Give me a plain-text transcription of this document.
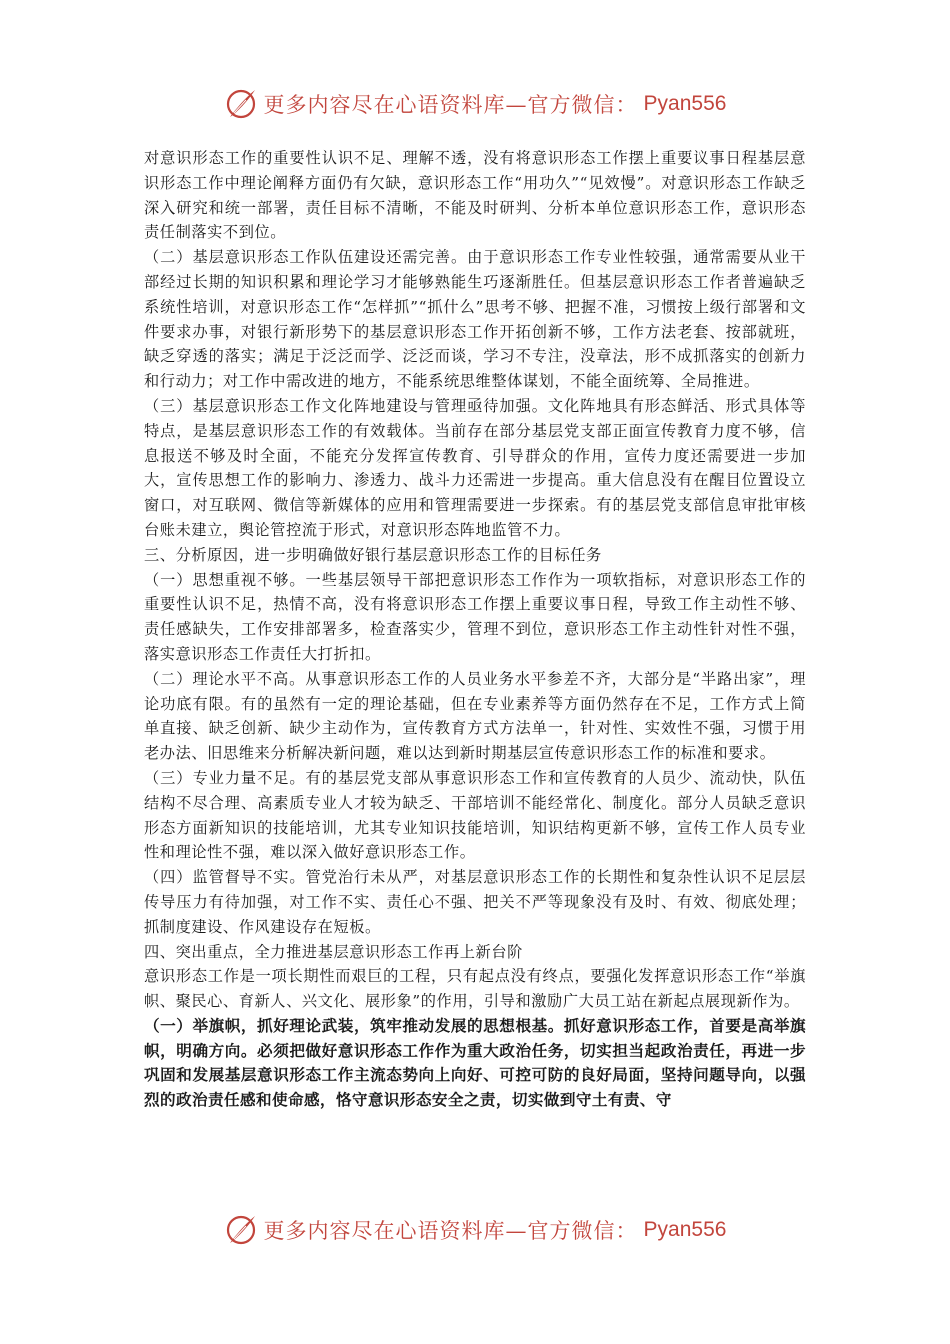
更多内容尽在心语资料库—官方微信： Pyan556

对意识形态工作的重要性认识不足、理解不透，没有将意识形态工作摆上重要议事日程基层意识形态工作中理论阐释方面仍有欠缺，意识形态工作“用功久”“见效慢”。对意识形态工作缺乏深入研究和统一部署，责任目标不清晰，不能及时研判、分析本单位意识形态工作，意识形态责任制落实不到位。

（二）基层意识形态工作队伍建设还需完善。由于意识形态工作专业性较强，通常需要从业干部经过长期的知识积累和理论学习才能够熟能生巧逐渐胜任。但基层意识形态工作者普遍缺乏系统性培训，对意识形态工作“怎样抓”“抓什么”思考不够、把握不准，习惯按上级行部署和文件要求办事，对银行新形势下的基层意识形态工作开拓创新不够，工作方法老套、按部就班，缺乏穿透的落实；满足于泛泛而学、泛泛而谈，学习不专注，没章法，形不成抓落实的创新力和行动力；对工作中需改进的地方，不能系统思维整体谋划，不能全面统筹、全局推进。

（三）基层意识形态工作文化阵地建设与管理亟待加强。文化阵地具有形态鲜活、形式具体等特点，是基层意识形态工作的有效载体。当前存在部分基层党支部正面宣传教育力度不够，信息报送不够及时全面，不能充分发挥宣传教育、引导群众的作用，宣传力度还需要进一步加大，宣传思想工作的影响力、渗透力、战斗力还需进一步提高。重大信息没有在醒目位置设立窗口，对互联网、微信等新媒体的应用和管理需要进一步探索。有的基层党支部信息审批审核台账未建立，舆论管控流于形式，对意识形态阵地监管不力。

三、分析原因，进一步明确做好银行基层意识形态工作的目标任务

（一）思想重视不够。一些基层领导干部把意识形态工作作为一项软指标，对意识形态工作的重要性认识不足，热情不高，没有将意识形态工作摆上重要议事日程，导致工作主动性不够、责任感缺失，工作安排部署多，检查落实少，管理不到位，意识形态工作主动性针对性不强，落实意识形态工作责任大打折扣。

（二）理论水平不高。从事意识形态工作的人员业务水平参差不齐，大部分是“半路出家”，理论功底有限。有的虽然有一定的理论基础，但在专业素养等方面仍然存在不足，工作方式上简单直接、缺乏创新、缺少主动作为，宣传教育方式方法单一，针对性、实效性不强，习惯于用老办法、旧思维来分析解决新问题，难以达到新时期基层宣传意识形态工作的标准和要求。

（三）专业力量不足。有的基层党支部从事意识形态工作和宣传教育的人员少、流动快，队伍结构不尽合理、高素质专业人才较为缺乏、干部培训不能经常化、制度化。部分人员缺乏意识形态方面新知识的技能培训，尤其专业知识技能培训，知识结构更新不够，宣传工作人员专业性和理论性不强，难以深入做好意识形态工作。

（四）监管督导不实。管党治行未从严，对基层意识形态工作的长期性和复杂性认识不足层层传导压力有待加强，对工作不实、责任心不强、把关不严等现象没有及时、有效、彻底处理；抓制度建设、作风建设存在短板。

四、突出重点，全力推进基层意识形态工作再上新台阶

意识形态工作是一项长期性而艰巨的工程，只有起点没有终点，要强化发挥意识形态工作“举旗帜、聚民心、育新人、兴文化、展形象”的作用，引导和激励广大员工站在新起点展现新作为。

（一）举旗帜，抓好理论武装，筑牢推动发展的思想根基。抓好意识形态工作，首要是高举旗帜，明确方向。必须把做好意识形态工作作为重大政治任务，切实担当起政治责任，再进一步巩固和发展基层意识形态工作主流态势向上向好、可控可防的良好局面，坚持问题导向，以强烈的政治责任感和使命感，恪守意识形态安全之责，切实做到守土有责、守

更多内容尽在心语资料库—官方微信： Pyan556
